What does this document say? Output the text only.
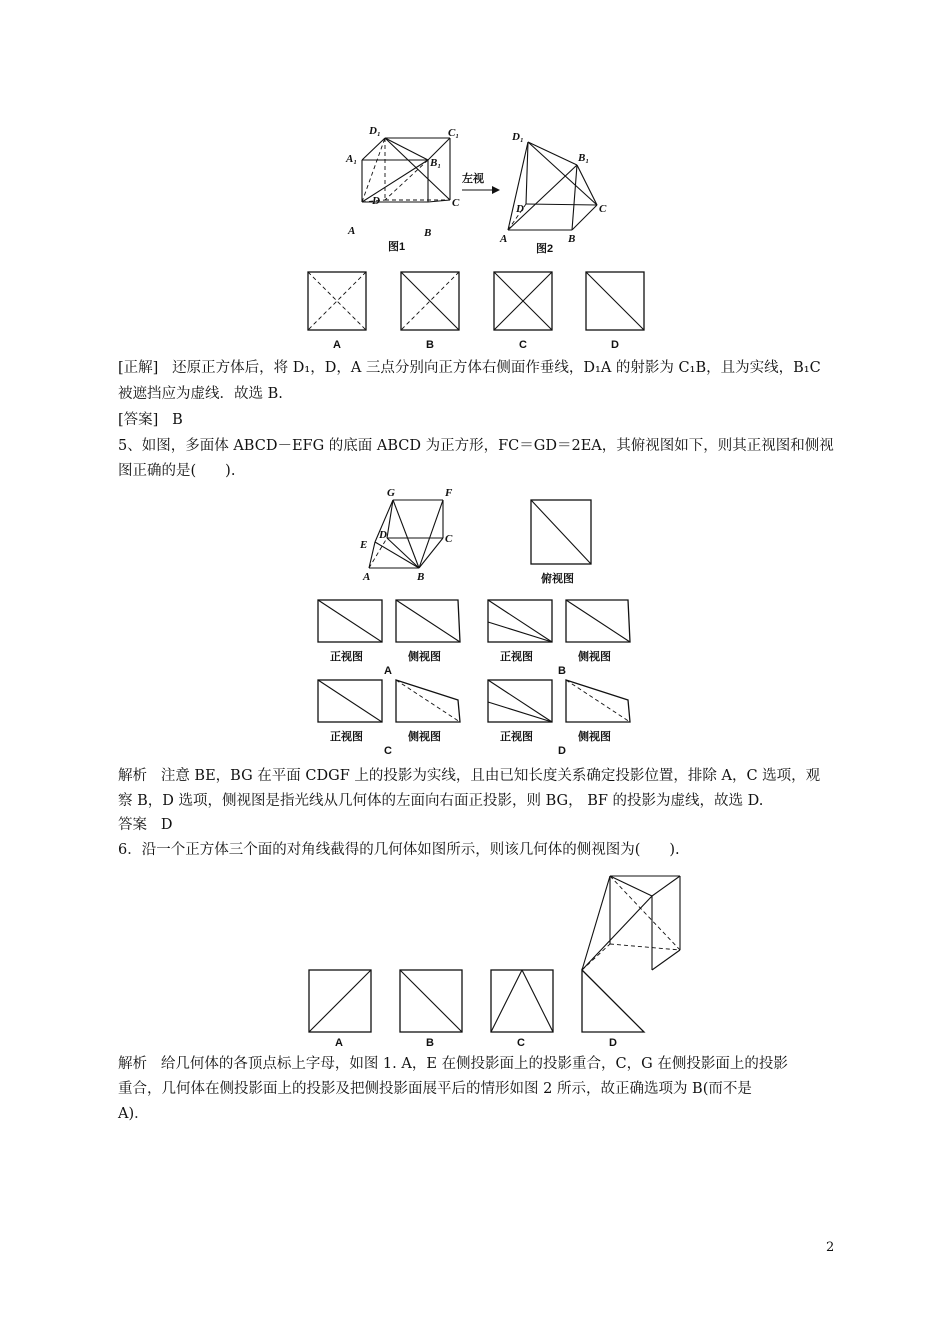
D₁	C₁
A₁	B₁
D	C
A	B
图1
左视
D₁
B₁
D	C
A	B
图2
A	B	C	D
[正解] 还原正方体后，将 D₁，D，A 三点分别向正方体右侧面作垂线，D₁A 的射影为 C₁B，且为实线，B₁C
被遮挡应为虚线．故选 B.
[答案] B
5、如图，多面体 ABCD－EFG 的底面 ABCD 为正方形，FC＝GD＝2EA，其俯视图如下，则其正视图和侧视
图正确的是(　　).
G	F
D	C
E
A	B	俯视图
正视图	侧视图
A
正视图	侧视图
B
正视图	侧视图
C
正视图	侧视图
D
解析 注意 BE，BG 在平面 CDGF 上的投影为实线，且由已知长度关系确定投影位置，排除 A，C 选项，观
察 B，D 选项，侧视图是指光线从几何体的左面向右面正投影，则 BG， BF 的投影为虚线，故选 D.
答案 D
6．沿一个正方体三个面的对角线截得的几何体如图所示，则该几何体的侧视图为(　　).
A	B	C	D
解析 给几何体的各顶点标上字母，如图 1. A，E 在侧投影面上的投影重合，C，G 在侧投影面上的投影
重合，几何体在侧投影面上的投影及把侧投影面展平后的情形如图 2 所示，故正确选项为 B(而不是
A)．
2
